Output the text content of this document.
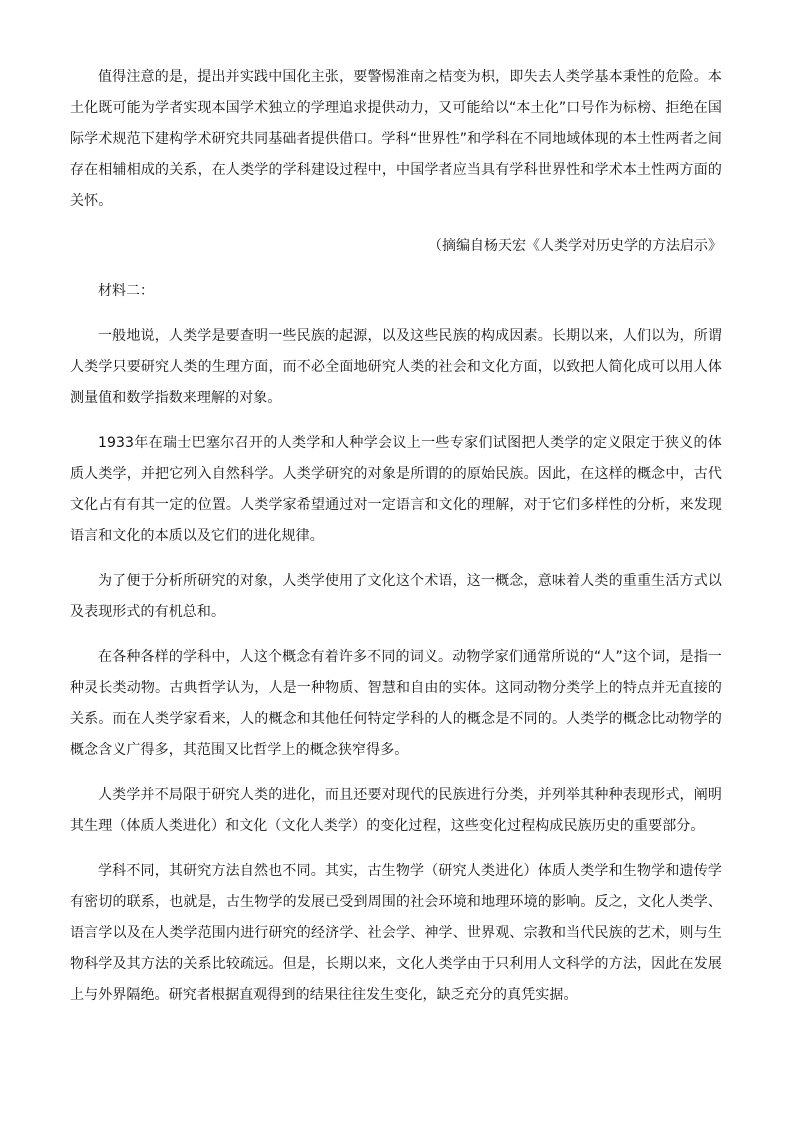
值得注意的是，提出并实践中国化主张，要警惕淮南之桔变为枳，即失去人类学基本秉性的危险。本土化既可能为学者实现本国学术独立的学理追求提供动力，又可能给以“本土化”口号作为标榜、拒绝在国际学术规范下建构学术研究共同基础者提供借口。学科“世界性”和学科在不同地域体现的本土性两者之间存在相辅相成的关系，在人类学的学科建设过程中，中国学者应当具有学科世界性和学术本土性两方面的关怀。

（摘编自杨天宏《人类学对历史学的方法启示》

材料二：

一般地说，人类学是要查明一些民族的起源，以及这些民族的构成因素。长期以来，人们以为，所谓人类学只要研究人类的生理方面，而不必全面地研究人类的社会和文化方面，以致把人简化成可以用人体测量值和数学指数来理解的对象。

1933年在瑞士巴塞尔召开的人类学和人种学会议上一些专家们试图把人类学的定义限定于狭义的体质人类学，并把它列入自然科学。人类学研究的对象是所谓的的原始民族。因此，在这样的概念中，古代文化占有有其一定的位置。人类学家希望通过对一定语言和文化的理解，对于它们多样性的分析，来发现语言和文化的本质以及它们的进化规律。

为了便于分析所研究的对象，人类学使用了文化这个术语，这一概念，意味着人类的重重生活方式以及表现形式的有机总和。

在各种各样的学科中，人这个概念有着许多不同的词义。动物学家们通常所说的“人”这个词，是指一种灵长类动物。古典哲学认为，人是一种物质、智慧和自由的实体。这同动物分类学上的特点并无直接的关系。而在人类学家看来，人的概念和其他任何特定学科的人的概念是不同的。人类学的概念比动物学的概念含义广得多，其范围又比哲学上的概念狭窄得多。

人类学并不局限于研究人类的进化，而且还要对现代的民族进行分类，并列举其种种表现形式，阐明其生理（体质人类进化）和文化（文化人类学）的变化过程，这些变化过程构成民族历史的重要部分。

学科不同，其研究方法自然也不同。其实，古生物学（研究人类进化）体质人类学和生物学和遗传学有密切的联系，也就是，古生物学的发展已受到周围的社会环境和地理环境的影响。反之，文化人类学、语言学以及在人类学范围内进行研究的经济学、社会学、神学、世界观、宗教和当代民族的艺术，则与生物科学及其方法的关系比较疏远。但是，长期以来，文化人类学由于只利用人文科学的方法，因此在发展上与外界隔绝。研究者根据直观得到的结果往往发生变化，缺乏充分的真凭实据。
